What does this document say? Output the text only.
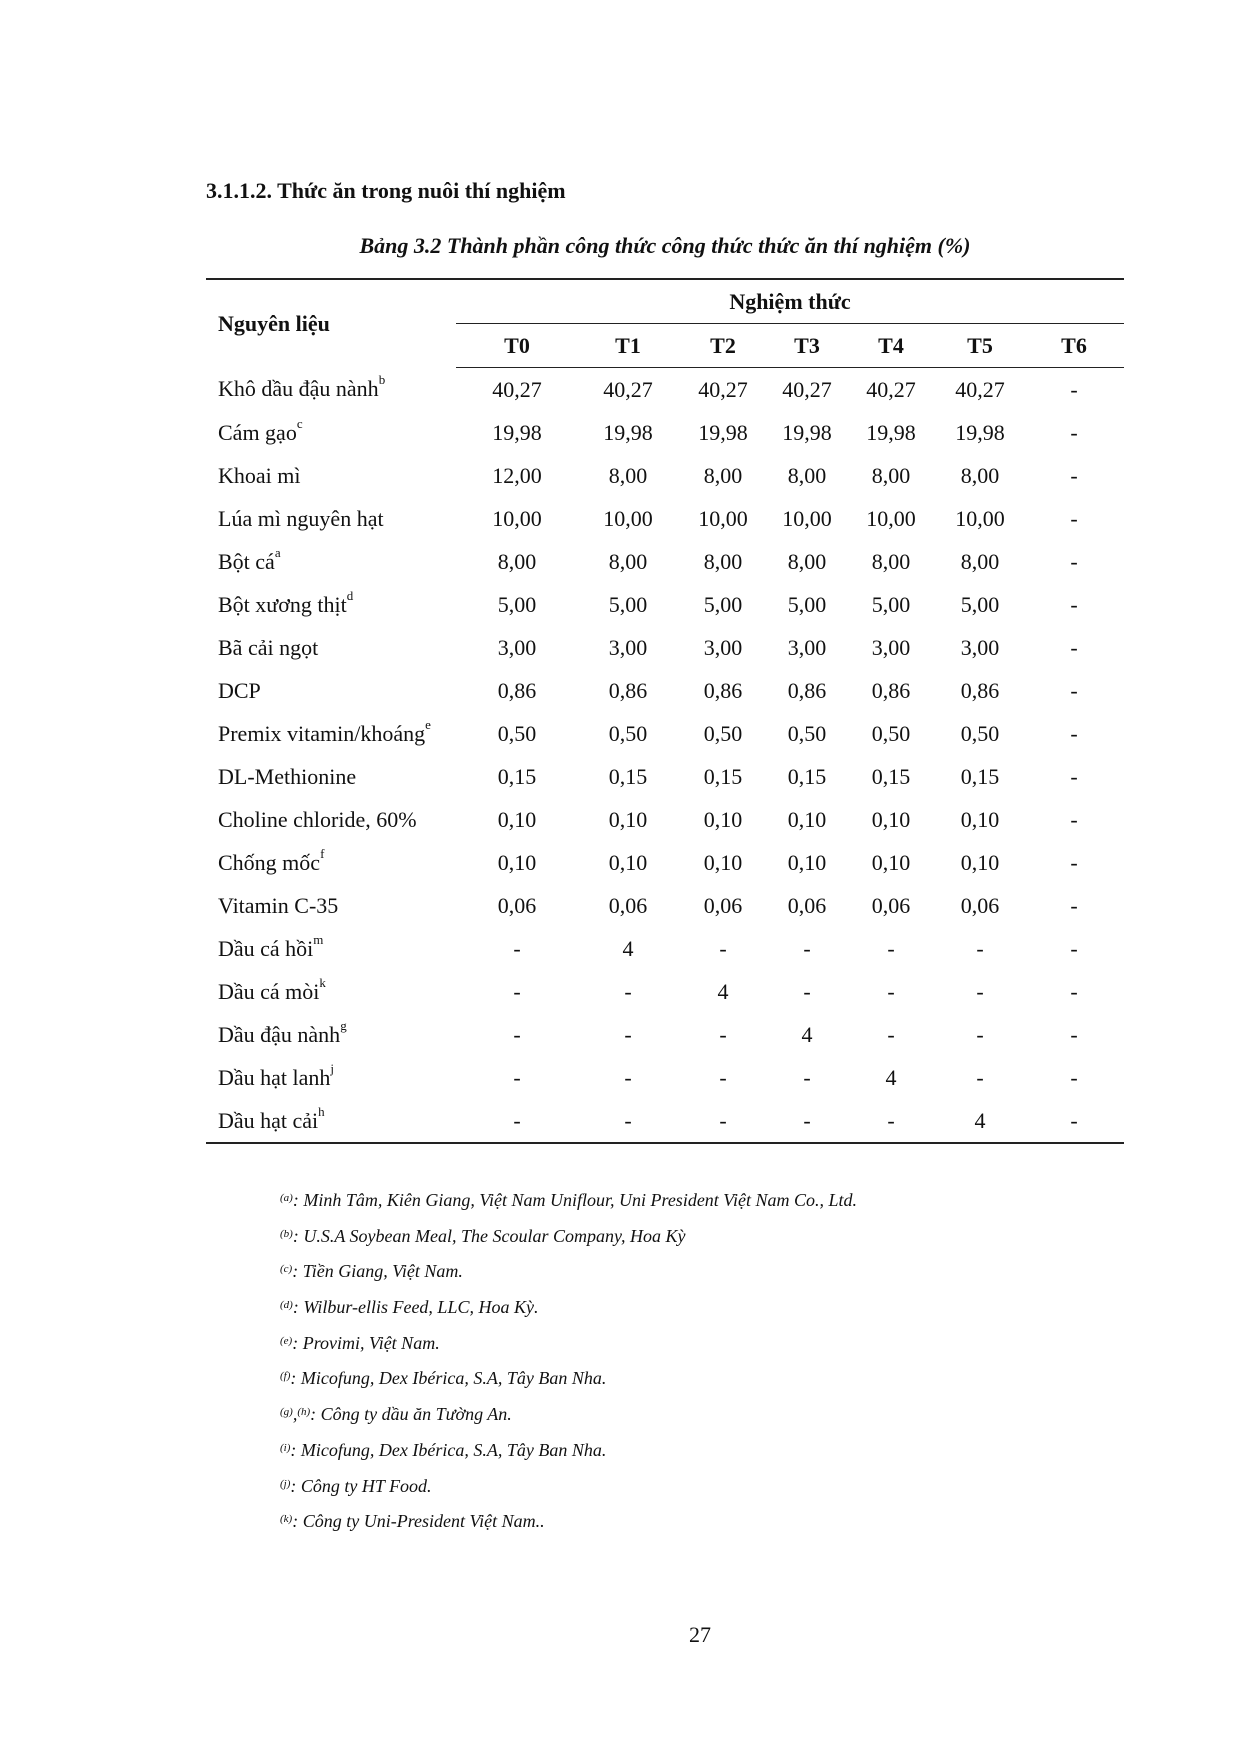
3.1.1.2. Thức ăn trong nuôi thí nghiệm
Bảng 3.2 Thành phần công thức công thức thức ăn thí nghiệm (%)
Nguyên liệu	Nghiệm thức						
	T0	T1	T2	T3	T4	T5	T6
Khô dầu đậu nành$^b$	40,27	40,27	40,27	40,27	40,27	40,27	-
Cám gạo$^c$	19,98	19,98	19,98	19,98	19,98	19,98	-
Khoai mì	12,00	8,00	8,00	8,00	8,00	8,00	-
Lúa mì nguyên hạt	10,00	10,00	10,00	10,00	10,00	10,00	-
Bột $cá^a$	8,00	8,00	8,00	8,00	8,00	8,00	-
Bột xương thịt$^d$	5,00	5,00	5,00	5,00	5,00	5,00	-
Bã cải ngọt	3,00	3,00	3,00	3,00	3,00	3,00	-
DCP	0,86	0,86	0,86	0,86	0,86	0,86	-
Premix vitamin/khoáng$^e$	0,50	0,50	0,50	0,50	0,50	0,50	-
DL-Methionine	0,15	0,15	0,15	0,15	0,15	0,15	-
Choline chloride, 60%	0,10	0,10	0,10	0,10	0,10	0,10	-
Chống mốc$^f$	0,10	0,10	0,10	0,10	0,10	0,10	-
Vitamin C-35	0,06	0,06	0,06	0,06	0,06	0,06	-
Dầu cá hồi$^m$	-	4	-	-	-	-	-
Dầu cá mòi$^k$	-	-	4	-	-	-	-
Dầu đậu nành$^g$	-	-	-	4	-	-	-
Dầu hạt lanh$^j$	-	-	-	-	4	-	-
Dầu hạt cải$^h$	-	-	-	-	-	4	-
$^{(a)}$: Minh Tâm, Kiên Giang, Việt Nam Uniflour, Uni President Việt Nam Co., Ltd.
$^{(b)}$: U.S.A Soybean Meal, The Scoular Company, Hoa Kỳ
$^{(c)}$: Tiền Giang, Việt Nam.
$^{(d)}$: Wilbur-ellis Feed, LLC, Hoa Kỳ.
$^{(e)}$: Provimi, Việt Nam.
$^{(f)}$: Micofung, Dex Ibérica, S.A, Tây Ban Nha.
$^{(g)}$,$^{(h)}$: Công ty dầu ăn Tường An.
$^{(i)}$: Micofung, Dex Ibérica, S.A, Tây Ban Nha.
$^{(j)}$: Công ty HT Food.
$^{(k)}$: Công ty Uni-President Việt Nam..
27
